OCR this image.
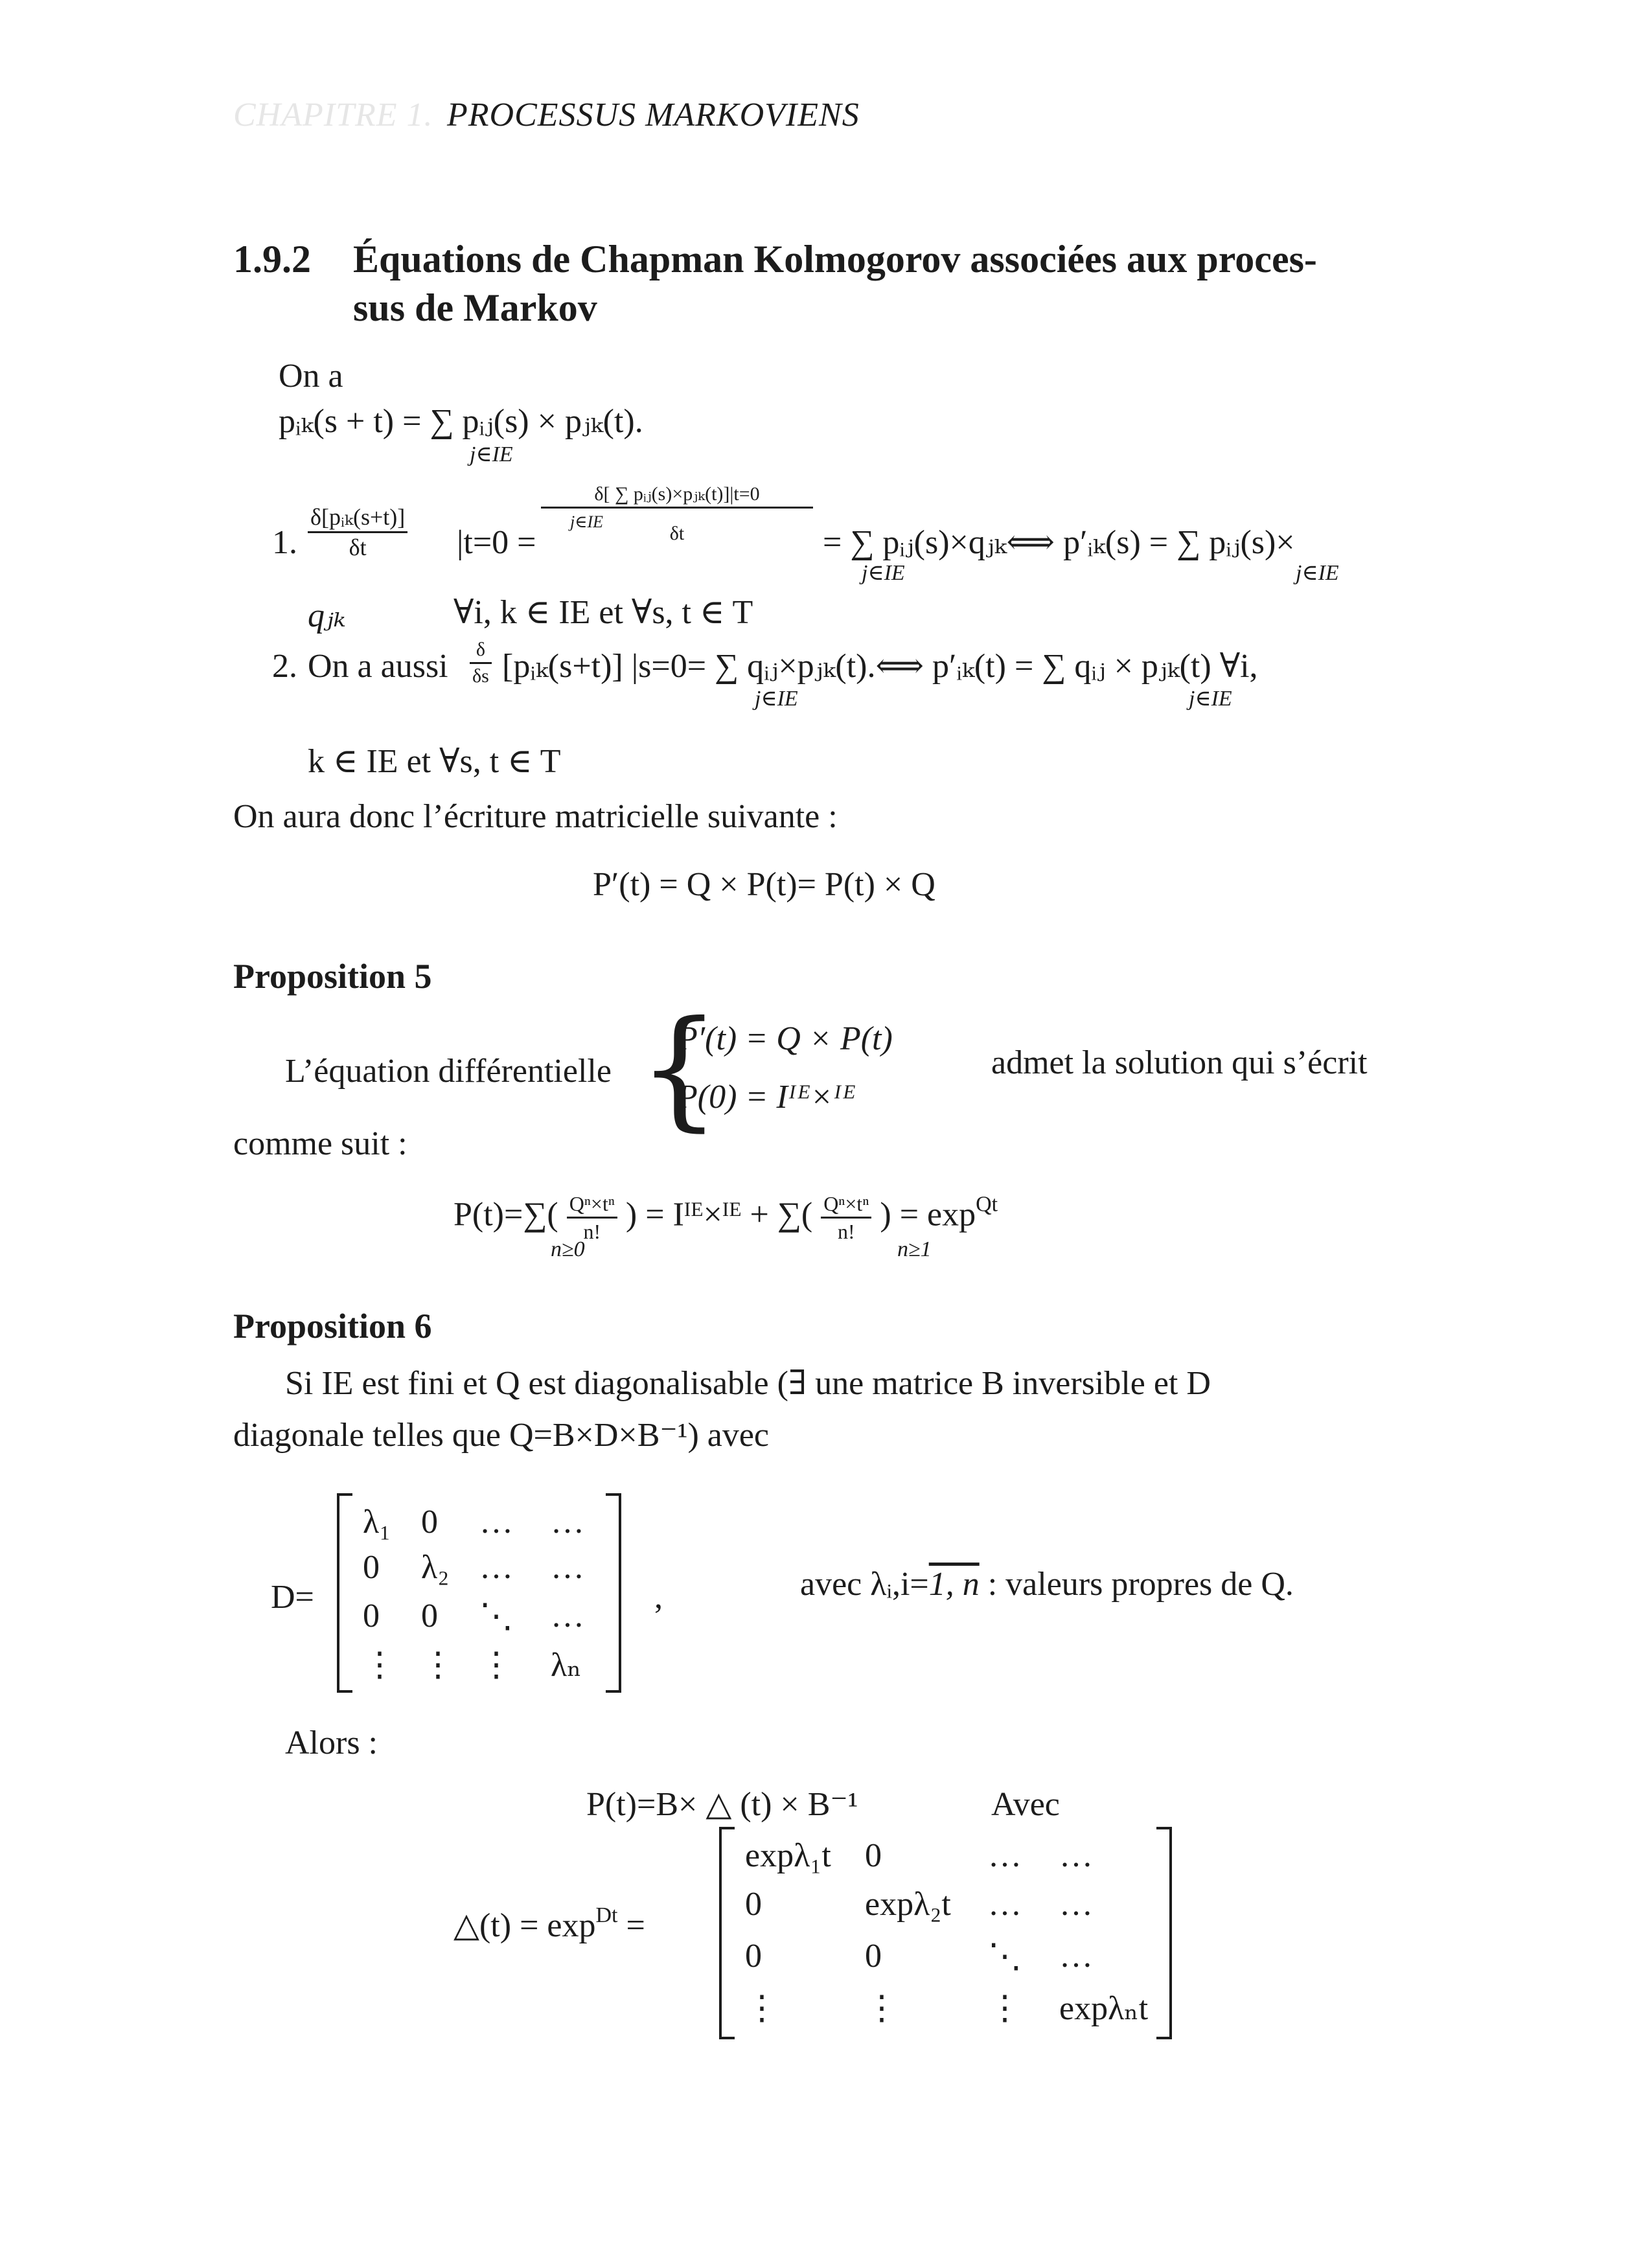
CHAPITRE 1. PROCESSUS MARKOVIENS
1.9.2 Équations de Chapman Kolmogorov associées aux proces-
sus de Markov
On a
pᵢₖ(s + t) = ∑ pᵢⱼ(s) × pⱼₖ(t).
j∈IE
1. $\frac{\text{δ[pᵢₖ(s+t)]}}{\delta t} |t=0 = \frac{\text{δ[ ∑ pᵢⱼ(s)×pⱼₖ(t)]|t=0}}{\delta t}$
j∈IE
= ∑ pᵢⱼ(s)×qⱼₖ⟺ p′ᵢₖ(s) = ∑ pᵢⱼ(s)×
j∈IE	j∈IE
qⱼₖ	∀i, k ∈ IE et ∀s, t ∈ T
2. On a aussi $\frac{\delta}{\delta s}$ [pᵢₖ(s+t)] |s=0= ∑ qᵢⱼ×pⱼₖ(t).⟺ p′ᵢₖ(t) = ∑ qᵢⱼ × pⱼₖ(t) ∀i,
j∈IE	j∈IE
k ∈ IE et ∀s, t ∈ T
On aura donc l’écriture matricielle suivante :
P′(t) = Q × P(t)= P(t) × Q
Proposition 5
L’équation différentielle {
P′(t) = Q × P(t)
P(0) = Iᴵᴱ×ᴵᴱ
admet la solution qui s’écrit
comme suit :
$P(t)=\sum( \frac{\text{Qⁿ×tⁿ}}{n!}$ ) = Iᴵᴱ×ᴵᴱ + ∑( $\frac{\text{Qⁿ×tⁿ}}{n!}$ ) = $\exp^{Qt}$
n≥0	n≥1
Proposition 6
Si IE est fini et Q est diagonalisable (∃ une matrice B inversible et D
diagonale telles que Q=B×D×B⁻¹) avec
D=
λ₁ 0 … …
0 λ₂ … …
0 0 ⋱ …
⋮ ⋮ ⋮ λₙ
,	avec λᵢ,i=1, n : valeurs propres de Q.
Alors :
P(t)=B× △ (t) × B⁻¹	Avec
△(t) = $\exp^{Dt}$ =
expλ₁t 0	… …
0	expλ₂t … …
0	0	⋱ …
⋮	⋮	⋮ expλₙt
